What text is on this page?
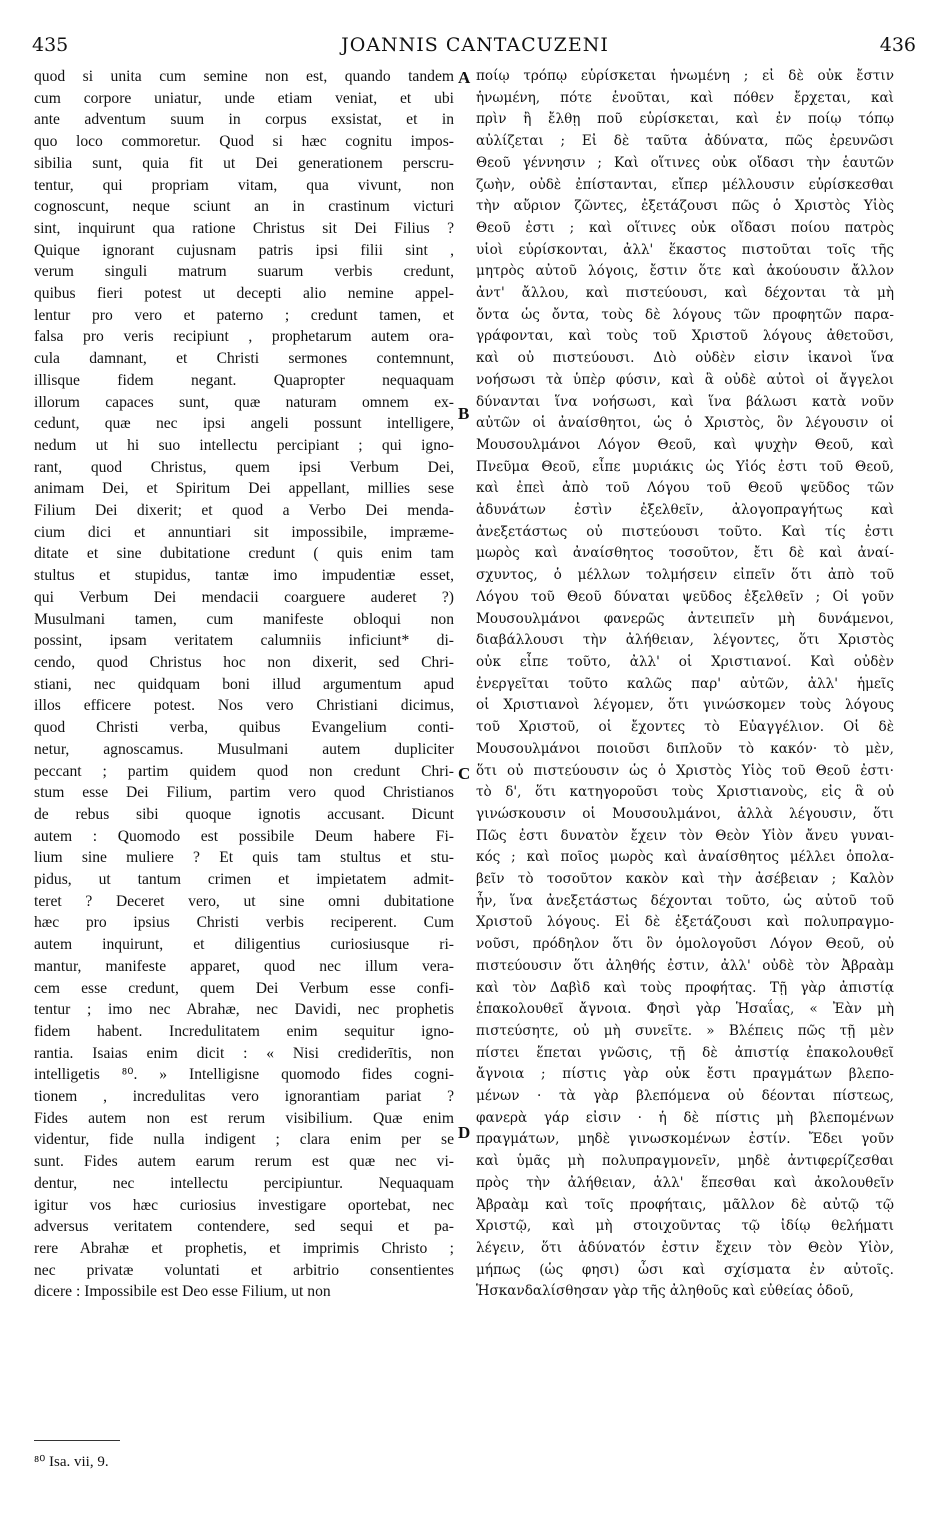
435	JOANNIS CANTACUZENI	436
quod si unita cum semine non est, quando tandem
cum corpore uniatur, unde etiam veniat, et ubi
ante adventum suum in corpus exsistat, et in
quo loco commoretur. Quod si hæc cognitu impos-
sibilia sunt, quia fit ut Dei generationem perscru-
tentur, qui propriam vitam, qua vivunt, non
cognoscunt, neque sciunt an in crastinum victuri
sint, inquirunt qua ratione Christus sit Dei Filius ?
Quique ignorant cujusnam patris ipsi filii sint ,
verum singuli matrum suarum verbis credunt,
quibus fieri potest ut decepti alio nemine appel-
lentur pro vero et paterno ; credunt tamen, et
falsa pro veris recipiunt , prophetarum autem ora-
cula damnant, et Christi sermones contemnunt,
illisque fidem negant. Quapropter nequaquam
illorum capaces sunt, quæ naturam omnem ex-
cedunt, quæ nec ipsi angeli possunt intelligere,
nedum ut hi suo intellectu percipiant ; qui igno-
rant, quod Christus, quem ipsi Verbum Dei,
animam Dei, et Spiritum Dei appellant, millies sese
Filium Dei dixerit; et quod a Verbo Dei menda-
cium dici et annuntiari sit impossibile, impræme-
ditate et sine dubitatione credunt ( quis enim tam
stultus et stupidus, tantæ imo impudentiæ esset,
qui Verbum Dei mendacii coarguere auderet ?)
Musulmani tamen, cum manifeste obloqui non
possint, ipsam veritatem calumniis inficiunt* di-
cendo, quod Christus hoc non dixerit, sed Chri-
stiani, nec quidquam boni illud argumentum apud
illos efficere potest. Nos vero Christiani dicimus,
quod Christi verba, quibus Evangelium conti-
netur, agnoscamus. Musulmani autem dupliciter
peccant ; partim quidem quod non credunt Chri-
stum esse Dei Filium, partim vero quod Christianos
de rebus sibi quoque ignotis accusant. Dicunt
autem : Quomodo est possibile Deum habere Fi-
lium sine muliere ? Et quis tam stultus et stu-
pidus, ut tantum crimen et impietatem admit-
teret ? Deceret vero, ut sine omni dubitatione
hæc pro ipsius Christi verbis reciperent. Cum
autem inquirunt, et diligentius curiosiusque ri-
mantur, manifeste apparet, quod nec illum vera-
cem esse credunt, quem Dei Verbum esse confi-
tentur ; imo nec Abrahæ, nec Davidi, nec prophetis
fidem habent. Incredulitatem enim sequitur igno-
rantia. Isaias enim dicit : « Nisi crediderītis, non
intelligetis ⁸⁰. » Intelligisne quomodo fides cogni-
tionem , incredulitas vero ignorantiam pariat ?
Fides autem non est rerum visibilium. Quæ enim
videntur, fide nulla indigent ; clara enim per se
sunt. Fides autem earum rerum est quæ nec vi-
dentur, nec intellectu percipiuntur. Nequaquam
igitur vos hæc curiosius investigare oportebat, nec
adversus veritatem contendere, sed sequi et pa-
rere Abrahæ et prophetis, et imprimis Christo ;
nec privatæ voluntati et arbitrio consentientes
dicere : Impossibile est Deo esse Filium, ut non
A
B
C
D
ποίῳ τρόπῳ εὑρίσκεται ἡνωμένη ; εἰ δὲ οὐκ ἔστιν
ἡνωμένη, πότε ἑνοῦται, καὶ πόθεν ἔρχεται, καὶ
πρὶν ἢ ἔλθῃ ποῦ εὑρίσκεται, καὶ ἐν ποίῳ τόπῳ
αὐλίζεται ; Εἰ δὲ ταῦτα ἀδύνατα, πῶς ἐρευνῶσι
Θεοῦ γέννησιν ; Καὶ οἵτινες οὐκ οἴδασι τὴν ἑαυτῶν
ζωὴν, οὐδὲ ἐπίστανται, εἴπερ μέλλουσιν εὑρίσκεσθαι
τὴν αὔριον ζῶντες, ἐξετάζουσι πῶς ὁ Χριστὸς Υἱὸς
Θεοῦ ἐστι ; καὶ οἵτινες οὐκ οἴδασι ποίου πατρὸς
υἱοὶ εὑρίσκονται, ἀλλ' ἕκαστος πιστοῦται τοῖς τῆς
μητρὸς αὐτοῦ λόγοις, ἔστιν ὅτε καὶ ἀκούουσιν ἄλλον
ἀντ' ἄλλου, καὶ πιστεύουσι, καὶ δέχονται τὰ μὴ
ὄντα ὡς ὄντα, τοὺς δὲ λόγους τῶν προφητῶν παρα-
γράφονται, καὶ τοὺς τοῦ Χριστοῦ λόγους ἀθετοῦσι,
καὶ οὐ πιστεύουσι. Διὸ οὐδὲν εἰσιν ἱκανοὶ ἵνα
νοήσωσι τὰ ὑπὲρ φύσιν, καὶ ἃ οὐδὲ αὐτοὶ οἱ ἄγγελοι
δύνανται ἵνα νοήσωσι, καὶ ἵνα βάλωσι κατὰ νοῦν
αὐτῶν οἱ ἀναίσθητοι, ὡς ὁ Χριστὸς, ὃν λέγουσιν οἱ
Μουσουλμάνοι Λόγον Θεοῦ, καὶ ψυχὴν Θεοῦ, καὶ
Πνεῦμα Θεοῦ, εἶπε μυριάκις ὡς Υἱός ἐστι τοῦ Θεοῦ,
καὶ ἐπεὶ ἀπὸ τοῦ Λόγου τοῦ Θεοῦ ψεῦδος τῶν
ἀδυνάτων ἐστὶν ἐξελθεῖν, ἀλογοπραγήτως καὶ
ἀνεξετάστως οὐ πιστεύουσι τοῦτο. Καὶ τίς ἐστι
μωρὸς καὶ ἀναίσθητος τοσοῦτον, ἔτι δὲ καὶ ἀναί-
σχυντος, ὁ μέλλων τολμήσειν εἰπεῖν ὅτι ἀπὸ τοῦ
Λόγου τοῦ Θεοῦ δύναται ψεῦδος ἐξελθεῖν ; Οἱ γοῦν
Μουσουλμάνοι φανερῶς ἀντειπεῖν μὴ δυνάμενοι,
διαβάλλουσι τὴν ἀλήθειαν, λέγοντες, ὅτι Χριστὸς
οὐκ εἶπε τοῦτο, ἀλλ' οἱ Χριστιανοί. Καὶ οὐδὲν
ἐνεργεῖται τοῦτο καλῶς παρ' αὐτῶν, ἀλλ' ἡμεῖς
οἱ Χριστιανοὶ λέγομεν, ὅτι γινώσκομεν τοὺς λόγους
τοῦ Χριστοῦ, οἱ ἔχοντες τὸ Εὐαγγέλιον. Οἱ δὲ
Μουσουλμάνοι ποιοῦσι διπλοῦν τὸ κακόν· τὸ μὲν,
ὅτι οὐ πιστεύουσιν ὡς ὁ Χριστὸς Υἱὸς τοῦ Θεοῦ ἐστι·
τὸ δ', ὅτι κατηγοροῦσι τοὺς Χριστιανοὺς, εἰς ἃ οὐ
γινώσκουσιν οἱ Μουσουλμάνοι, ἀλλὰ λέγουσιν, ὅτι
Πῶς ἐστι δυνατὸν ἔχειν τὸν Θεὸν Υἱὸν ἄνευ γυναι-
κός ; καὶ ποῖος μωρὸς καὶ ἀναίσθητος μέλλει ὁπολα-
βεῖν τὸ τοσοῦτον κακὸν καὶ τὴν ἀσέβειαν ; Καλὸν
ἦν, ἵνα ἀνεξετάστως δέχονται τοῦτο, ὡς αὐτοῦ τοῦ
Χριστοῦ λόγους. Εἰ δὲ ἐξετάζουσι καὶ πολυπραγμο-
νοῦσι, πρόδηλον ὅτι ὃν ὁμολογοῦσι Λόγον Θεοῦ, οὐ
πιστεύουσιν ὅτι ἀληθής ἐστιν, ἀλλ' οὐδὲ τὸν Ἀβραὰμ
καὶ τὸν Δαβὶδ καὶ τοὺς προφήτας. Τῇ γὰρ ἀπιστίᾳ
ἐπακολουθεῖ ἄγνοια. Φησὶ γὰρ Ἡσαΐας, « Ἐὰν μὴ
πιστεύσητε, οὐ μὴ συνεῖτε. » Βλέπεις πῶς τῇ μὲν
πίστει ἕπεται γνῶσις, τῇ δὲ ἀπιστίᾳ ἐπακολουθεῖ
ἄγνοια ; πίστις γὰρ οὐκ ἔστι πραγμάτων βλεπο-
μένων · τὰ γὰρ βλεπόμενα οὐ δέονται πίστεως,
φανερὰ γάρ εἰσιν · ἡ δὲ πίστις μὴ βλεπομένων
πραγμάτων, μηδὲ γινωσκομένων ἐστίν. Ἔδει γοῦν
καὶ ὑμᾶς μὴ πολυπραγμονεῖν, μηδὲ ἀντιφερίζεσθαι
πρὸς τὴν ἀλήθειαν, ἀλλ' ἕπεσθαι καὶ ἀκολουθεῖν
Ἀβραὰμ καὶ τοῖς προφήταις, μᾶλλον δὲ αὐτῷ τῷ
Χριστῷ, καὶ μὴ στοιχοῦντας τῷ ἰδίῳ θελήματι
λέγειν, ὅτι ἀδύνατόν ἐστιν ἔχειν τὸν Θεὸν Υἱὸν,
μήπως (ὡς φησι) ὦσι καὶ σχίσματα ἐν αὐτοῖς.
Ἡσκανδαλίσθησαν γὰρ τῆς ἀληθοῦς καὶ εὐθείας ὁδοῦ,
⁸⁰ Isa. vii, 9.
